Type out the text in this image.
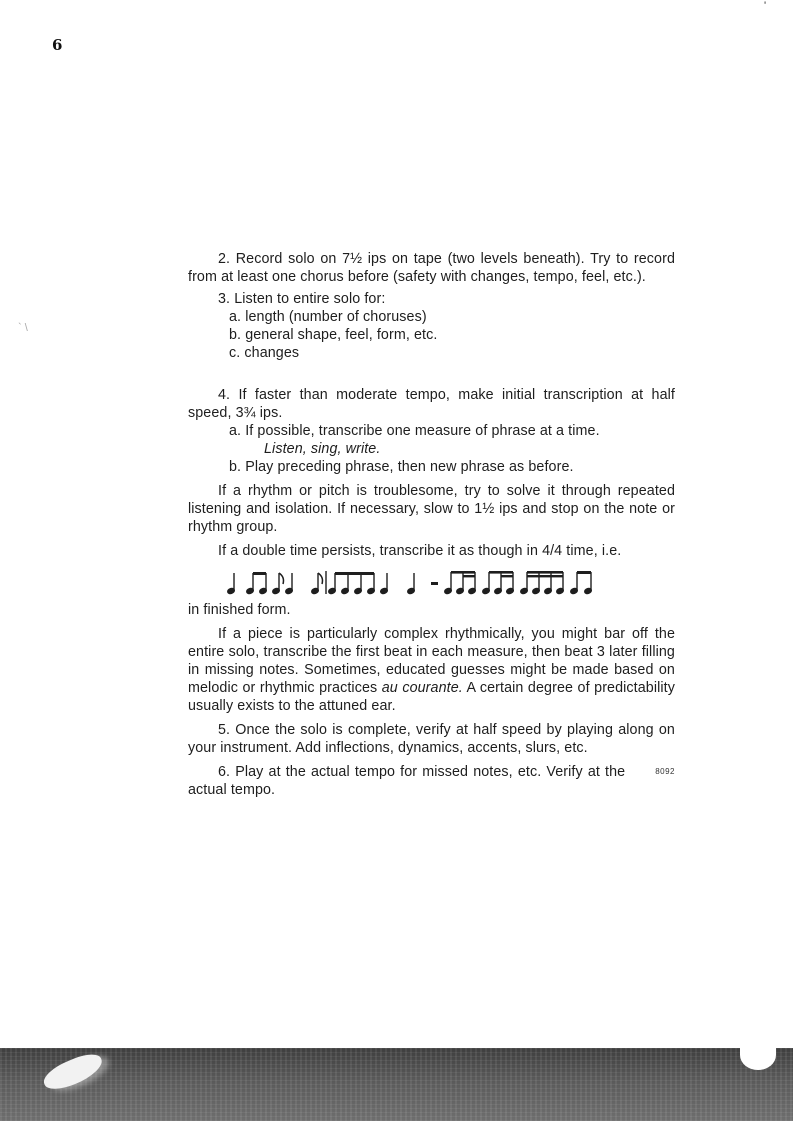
6
` \
'

2. Record solo on 7½ ips on tape (two levels beneath). Try to record from at least one chorus before (safety with changes, tempo, feel, etc.).

3. Listen to entire solo for:

a. length (number of choruses)

b. general shape, feel, form, etc.

c. changes

4. If faster than moderate tempo, make initial transcription at half speed, 3¾ ips.

a. If possible, transcribe one measure of phrase at a time.

Listen, sing, write.

b. Play preceding phrase, then new phrase as before.

If a rhythm or pitch is troublesome, try to solve it through repeated listening and isolation. If necessary, slow to 1½ ips and stop on the note or rhythm group.

If a double time persists, transcribe it as though in 4/4 time, i.e.

in finished form.

If a piece is particularly complex rhythmically, you might bar off the entire solo, transcribe the first beat in each measure, then beat 3 later filling in missing notes. Sometimes, educated guesses might be made based on melodic or rhythmic practices au courante. A certain degree of predictability usually exists to the attuned ear.

5. Once the solo is complete, verify at half speed by playing along on your instrument. Add inflections, dynamics, accents, slurs, etc.

8092
6. Play at the actual tempo for missed notes, etc. Verify at the actual tempo.
